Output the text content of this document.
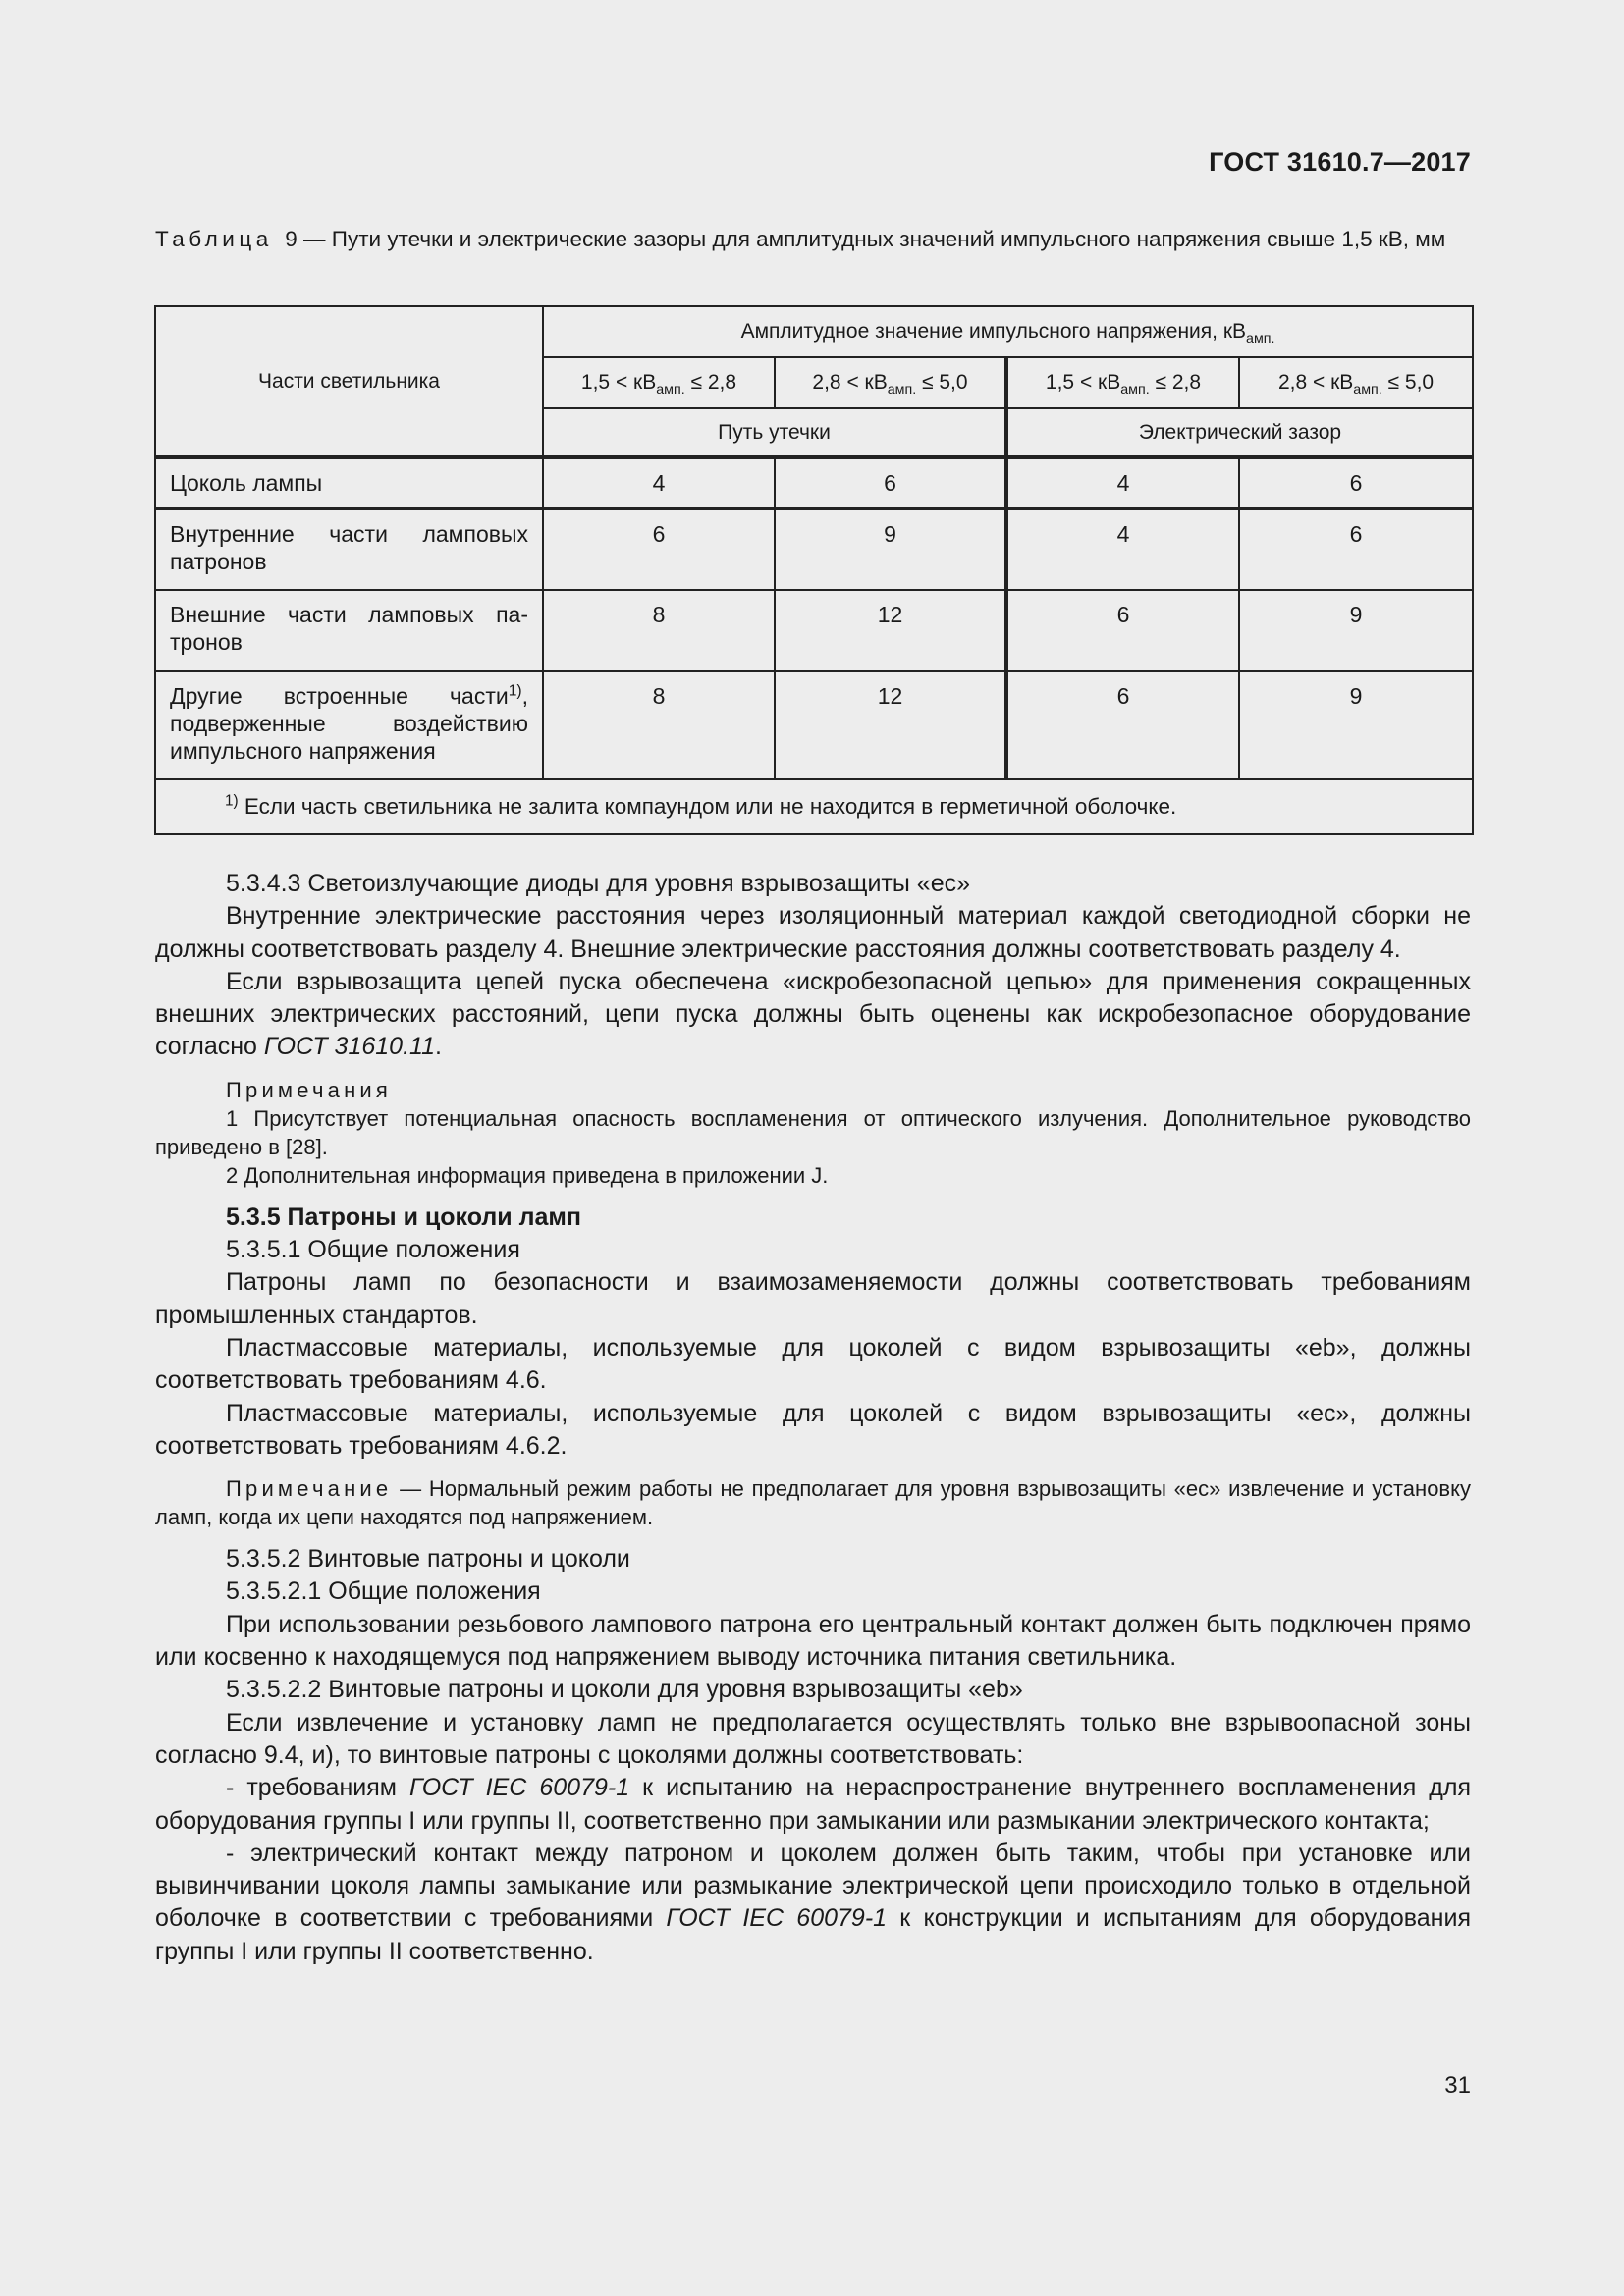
ГОСТ 31610.7—2017
Таблица 9 — Пути утечки и электрические зазоры для амплитудных значений импульсного напряжения свыше 1,5 кВ, мм
Части светильника	Амплитудное значение импульсного напряжения, $кВ_{амп.}$
	$1,5 < кВ_{амп.} \le 2,8$	$2,8 < кВ_{амп.} \le 5,0$	$1,5 < кВ_{амп.} \le 2,8$	$2,8 < кВ_{амп.} \le 5,0$
	Путь утечки		Электрический зазор	
Цоколь лампы	4	6	4	6
Внутренние части ламповых патронов	6	9	4	6
Внешние части ламповых па-тронов	8	12	6	9
Другие встроенные части$^{1)}$, подверженные воздействию импульсного напряжения	8	12	6	9
$^{1)}$ Если часть светильника не залита компаундом или не находится в герметичной оболочке.				

5.3.4.3 Светоизлучающие диоды для уровня взрывозащиты «ес»

Внутренние электрические расстояния через изоляционный материал каждой светодиодной сборки не должны соответствовать разделу 4. Внешние электрические расстояния должны соответствовать разделу 4.

Если взрывозащита цепей пуска обеспечена «искробезопасной цепью» для применения сокращенных внешних электрических расстояний, цепи пуска должны быть оценены как искробезопасное оборудование согласно ГОСТ 31610.11.

Примечания

1 Присутствует потенциальная опасность воспламенения от оптического излучения. Дополнительное руководство приведено в [28].

2 Дополнительная информация приведена в приложении J.

5.3.5 Патроны и цоколи ламп

5.3.5.1 Общие положения

Патроны ламп по безопасности и взаимозаменяемости должны соответствовать требованиям промышленных стандартов.

Пластмассовые материалы, используемые для цоколей с видом взрывозащиты «eb», должны соответствовать требованиям 4.6.

Пластмассовые материалы, используемые для цоколей с видом взрывозащиты «ес», должны соответствовать требованиям 4.6.2.

Примечание — Нормальный режим работы не предполагает для уровня взрывозащиты «ес» извлечение и установку ламп, когда их цепи находятся под напряжением.

5.3.5.2 Винтовые патроны и цоколи

5.3.5.2.1 Общие положения

При использовании резьбового лампового патрона его центральный контакт должен быть подключен прямо или косвенно к находящемуся под напряжением выводу источника питания светильника.

5.3.5.2.2 Винтовые патроны и цоколи для уровня взрывозащиты «eb»

Если извлечение и установку ламп не предполагается осуществлять только вне взрывоопасной зоны согласно 9.4, и), то винтовые патроны с цоколями должны соответствовать:

- требованиям ГОСТ IEC 60079-1 к испытанию на нераспространение внутреннего воспламенения для оборудования группы I или группы II, соответственно при замыкании или размыкании электрического контакта;

- электрический контакт между патроном и цоколем должен быть таким, чтобы при установке или вывинчивании цоколя лампы замыкание или размыкание электрической цепи происходило только в отдельной оболочке в соответствии с требованиями ГОСТ IEC 60079-1 к конструкции и испытаниям для оборудования группы I или группы II соответственно.

31
